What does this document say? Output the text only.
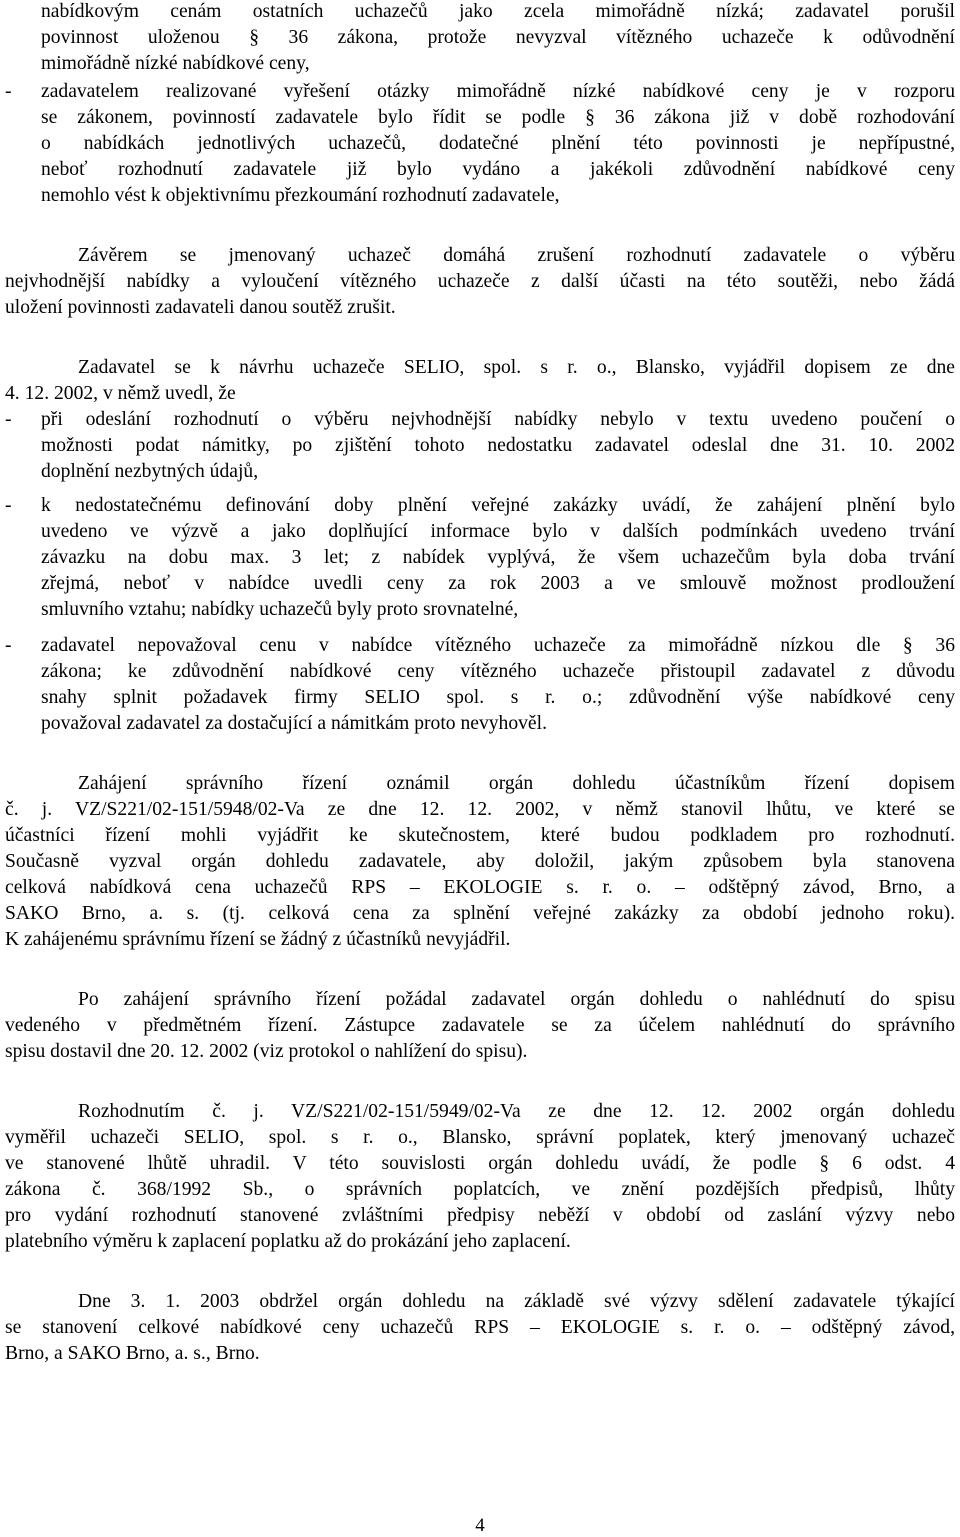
nabídkovým cenám ostatních uchazečů jako zcela mimořádně nízká; zadavatel porušil
povinnost uloženou § 36 zákona, protože nevyzval vítězného uchazeče k odůvodnění
mimořádně nízké nabídkové ceny,
-	zadavatelem realizované vyřešení otázky mimořádně nízké nabídkové ceny je v rozporu
se zákonem, povinností zadavatele bylo řídit se podle § 36 zákona již v době rozhodování
o nabídkách jednotlivých uchazečů, dodatečné plnění této povinnosti je nepřípustné,
neboť rozhodnutí zadavatele již bylo vydáno a jakékoli zdůvodnění nabídkové ceny
nemohlo vést k objektivnímu přezkoumání rozhodnutí zadavatele,
Závěrem se jmenovaný uchazeč domáhá zrušení rozhodnutí zadavatele o výběru
nejvhodnější nabídky a vyloučení vítězného uchazeče z další účasti na této soutěži, nebo žádá
uložení povinnosti zadavateli danou soutěž zrušit.
Zadavatel se k návrhu uchazeče SELIO, spol. s r. o., Blansko, vyjádřil dopisem ze dne
4. 12. 2002, v němž uvedl, že
-	při odeslání rozhodnutí o výběru nejvhodnější nabídky nebylo v textu uvedeno poučení o
možnosti podat námitky, po zjištění tohoto nedostatku zadavatel odeslal dne 31. 10. 2002
doplnění nezbytných údajů,
-	k nedostatečnému definování doby plnění veřejné zakázky uvádí, že zahájení plnění bylo
uvedeno ve výzvě a jako doplňující informace bylo v dalších podmínkách uvedeno trvání
závazku na dobu max. 3 let; z nabídek vyplývá, že všem uchazečům byla doba trvání
zřejmá, neboť v nabídce uvedli ceny za rok 2003 a ve smlouvě možnost prodloužení
smluvního vztahu; nabídky uchazečů byly proto srovnatelné,
-	zadavatel nepovažoval cenu v nabídce vítězného uchazeče za mimořádně nízkou dle § 36
zákona; ke zdůvodnění nabídkové ceny vítězného uchazeče přistoupil zadavatel z důvodu
snahy splnit požadavek firmy SELIO spol. s r. o.; zdůvodnění výše nabídkové ceny
považoval zadavatel za dostačující a námitkám proto nevyhověl.
Zahájení správního řízení oznámil orgán dohledu účastníkům řízení dopisem
č. j. VZ/S221/02-151/5948/02-Va ze dne 12. 12. 2002, v němž stanovil lhůtu, ve které se
účastníci řízení mohli vyjádřit ke skutečnostem, které budou podkladem pro rozhodnutí.
Současně vyzval orgán dohledu zadavatele, aby doložil, jakým způsobem byla stanovena
celková nabídková cena uchazečů RPS – EKOLOGIE s. r. o. – odštěpný závod, Brno, a
SAKO Brno, a. s. (tj. celková cena za splnění veřejné zakázky za období jednoho roku).
K zahájenému správnímu řízení se žádný z účastníků nevyjádřil.
Po zahájení správního řízení požádal zadavatel orgán dohledu o nahlédnutí do spisu
vedeného v předmětném řízení. Zástupce zadavatele se za účelem nahlédnutí do správního
spisu dostavil dne 20. 12. 2002 (viz protokol o nahlížení do spisu).
Rozhodnutím č. j. VZ/S221/02-151/5949/02-Va ze dne 12. 12. 2002 orgán dohledu
vyměřil uchazeči SELIO, spol. s r. o., Blansko, správní poplatek, který jmenovaný uchazeč
ve stanovené lhůtě uhradil. V této souvislosti orgán dohledu uvádí, že podle § 6 odst. 4
zákona č. 368/1992 Sb., o správních poplatcích, ve znění pozdějších předpisů, lhůty
pro vydání rozhodnutí stanovené zvláštními předpisy neběží v období od zaslání výzvy nebo
platebního výměru k zaplacení poplatku až do prokázání jeho zaplacení.
Dne 3. 1. 2003 obdržel orgán dohledu na základě své výzvy sdělení zadavatele týkající
se stanovení celkové nabídkové ceny uchazečů RPS – EKOLOGIE s. r. o. – odštěpný závod,
Brno, a SAKO Brno, a. s., Brno.
4
